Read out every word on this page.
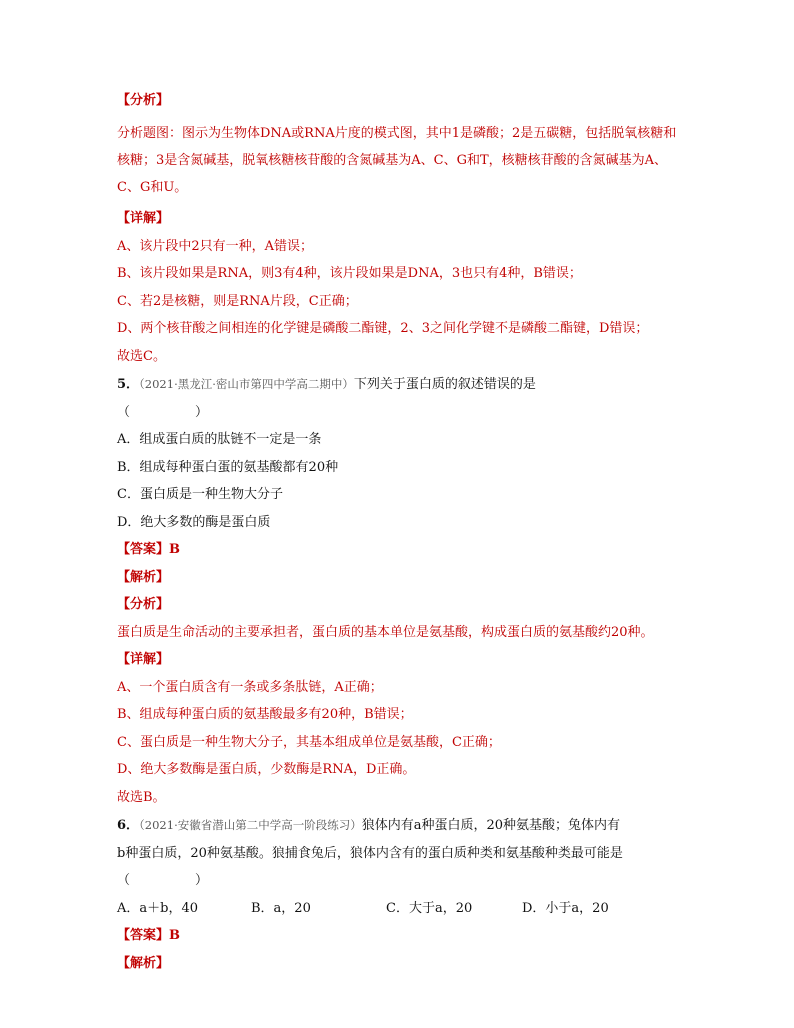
【分析】
分析题图：图示为生物体DNA或RNA片度的模式图，其中1是磷酸；2是五碳糖，包括脱氧核糖和核糖；3是含氮碱基，脱氧核糖核苷酸的含氮碱基为A、C、G和T，核糖核苷酸的含氮碱基为A、C、G和U。
【详解】
A、该片段中2只有一种，A错误；
B、该片段如果是RNA，则3有4种，该片段如果是DNA，3也只有4种，B错误；
C、若2是核糖，则是RNA片段，C正确；
D、两个核苷酸之间相连的化学键是磷酸二酯键，2、3之间化学键不是磷酸二酯键，D错误；
故选C。
5．（2021·黑龙江·密山市第四中学高二期中）下列关于蛋白质的叙述错误的是
（　　　　　）
A．组成蛋白质的肽链不一定是一条
B．组成每种蛋白蛋的氨基酸都有20种
C．蛋白质是一种生物大分子
D．绝大多数的酶是蛋白质
【答案】B
【解析】
【分析】
蛋白质是生命活动的主要承担者，蛋白质的基本单位是氨基酸，构成蛋白质的氨基酸约20种。
【详解】
A、一个蛋白质含有一条或多条肽链，A正确；
B、组成每种蛋白质的氨基酸最多有20种，B错误；
C、蛋白质是一种生物大分子，其基本组成单位是氨基酸，C正确；
D、绝大多数酶是蛋白质，少数酶是RNA，D正确。
故选B。
6．（2021·安徽省潜山第二中学高一阶段练习）狼体内有a种蛋白质，20种氨基酸；兔体内有
b种蛋白质，20种氨基酸。狼捕食兔后，狼体内含有的蛋白质种类和氨基酸种类最可能是
（　　　　　）
A．a＋b，40	B．a，20	C．大于a，20	D．小于a，20
【答案】B
【解析】
